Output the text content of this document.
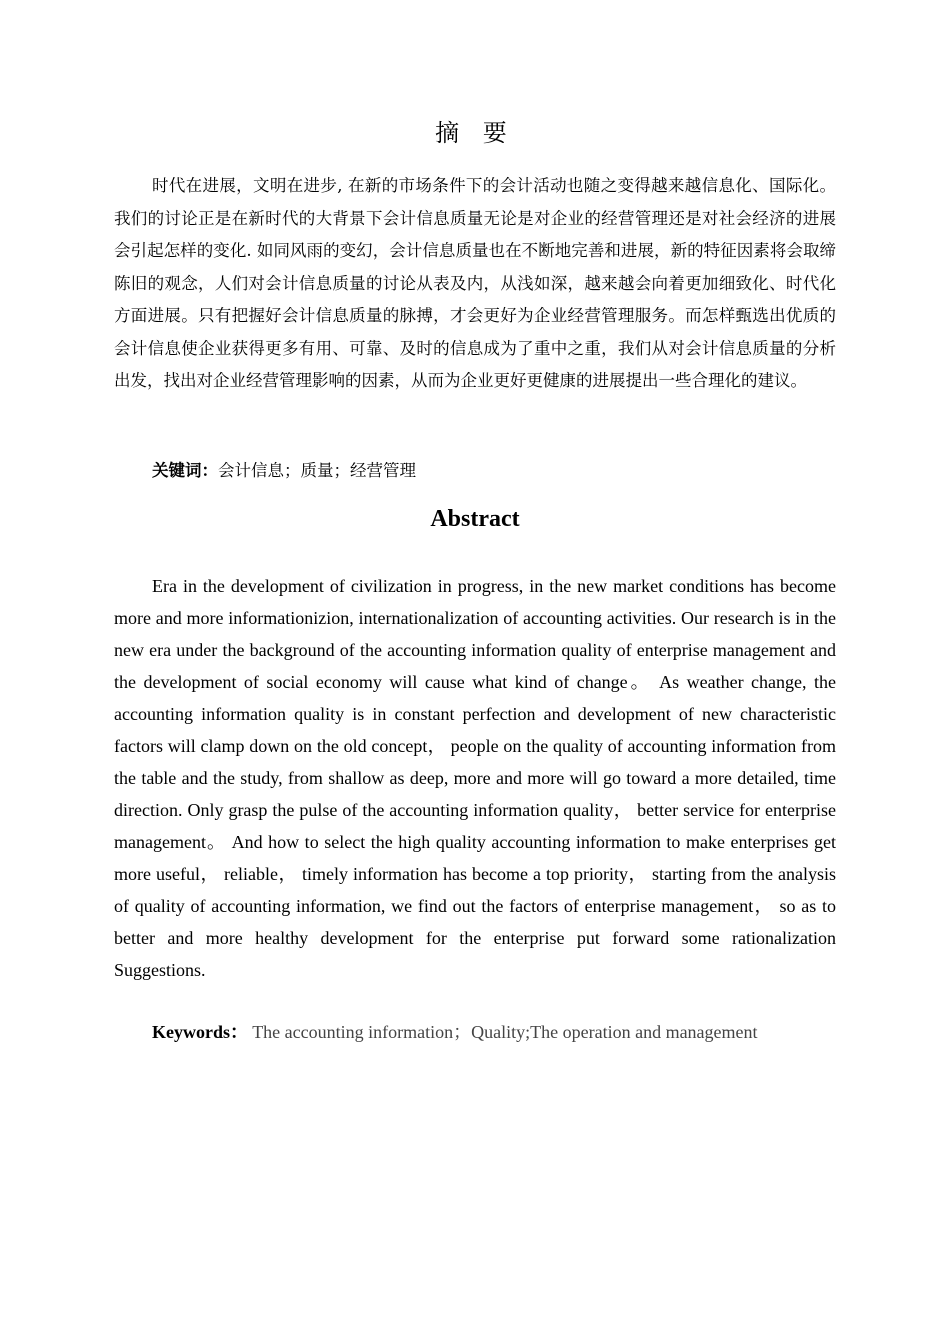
摘 要

时代在进展，文明在进步, 在新的市场条件下的会计活动也随之变得越来越信息化、国际化。我们的讨论正是在新时代的大背景下会计信息质量无论是对企业的经营管理还是对社会经济的进展会引起怎样的变化. 如同风雨的变幻，会计信息质量也在不断地完善和进展，新的特征因素将会取缔陈旧的观念，人们对会计信息质量的讨论从表及内，从浅如深，越来越会向着更加细致化、时代化方面进展。只有把握好会计信息质量的脉搏，才会更好为企业经营管理服务。而怎样甄选出优质的会计信息使企业获得更多有用、可靠、及时的信息成为了重中之重，我们从对会计信息质量的分析出发，找出对企业经营管理影响的因素，从而为企业更好更健康的进展提出一些合理化的建议。

关键词：会计信息；质量；经营管理

Abstract

Era in the development of civilization in progress, in the new market conditions has become more and more informationizion, internationalization of accounting activities. Our research is in the new era under the background of the accounting information quality of enterprise management and the development of social economy will cause what kind of change。 As weather change, the accounting information quality is in constant perfection and development of new characteristic factors will clamp down on the old concept， people on the quality of accounting information from the table and the study, from shallow as deep, more and more will go toward a more detailed, time direction. Only grasp the pulse of the accounting information quality， better service for enterprise management。 And how to select the high quality accounting information to make enterprises get more useful， reliable， timely information has become a top priority， starting from the analysis of quality of accounting information, we find out the factors of enterprise management， so as to better and more healthy development for the enterprise put forward some rationalization Suggestions.

Keywords： The accounting information；Quality;The operation and management
